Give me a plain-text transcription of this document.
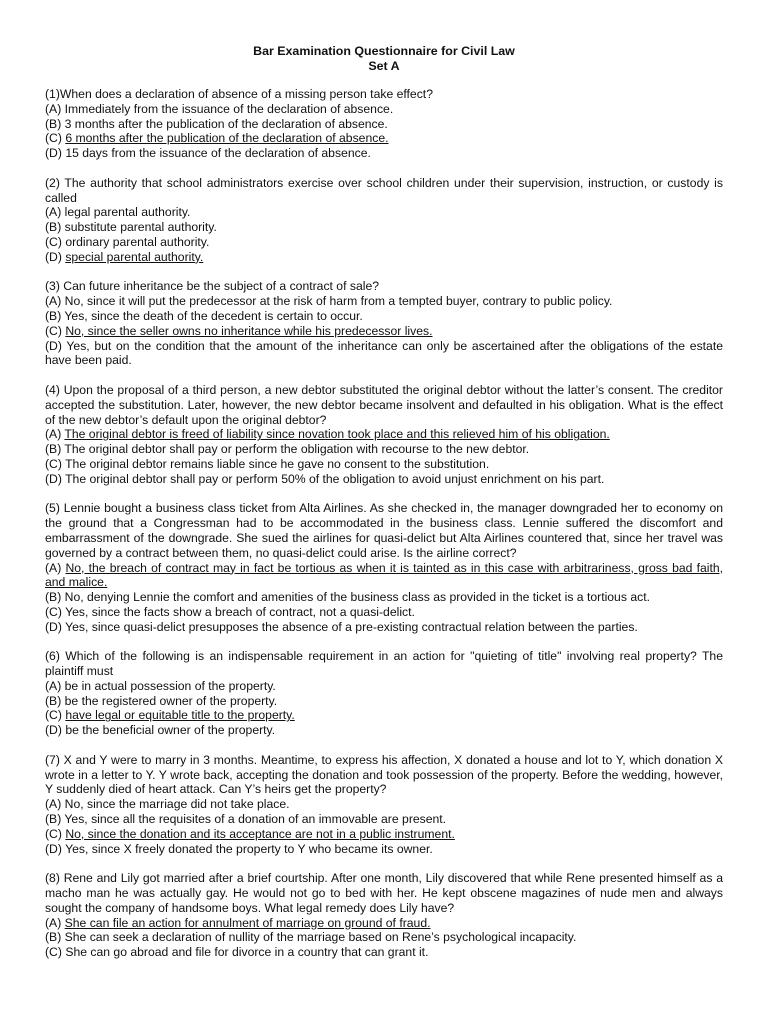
Bar Examination Questionnaire for Civil Law
Set A
(1)When does a declaration of absence of a missing person take effect?
(A) Immediately from the issuance of the declaration of absence.
(B) 3 months after the publication of the declaration of absence.
(C) 6 months after the publication of the declaration of absence.
(D) 15 days from the issuance of the declaration of absence.
(2) The authority that school administrators exercise over school children under their supervision, instruction, or custody is called
(A) legal parental authority.
(B) substitute parental authority.
(C) ordinary parental authority.
(D) special parental authority.
(3) Can future inheritance be the subject of a contract of sale?
(A) No, since it will put the predecessor at the risk of harm from a tempted buyer, contrary to public policy.
(B) Yes, since the death of the decedent is certain to occur.
(C) No, since the seller owns no inheritance while his predecessor lives.
(D) Yes, but on the condition that the amount of the inheritance can only be ascertained after the obligations of the estate have been paid.
(4) Upon the proposal of a third person, a new debtor substituted the original debtor without the latter’s consent. The creditor accepted the substitution. Later, however, the new debtor became insolvent and defaulted in his obligation. What is the effect of the new debtor’s default upon the original debtor?
(A) The original debtor is freed of liability since novation took place and this relieved him of his obligation.
(B) The original debtor shall pay or perform the obligation with recourse to the new debtor.
(C) The original debtor remains liable since he gave no consent to the substitution.
(D) The original debtor shall pay or perform 50% of the obligation to avoid unjust enrichment on his part.
(5) Lennie bought a business class ticket from Alta Airlines. As she checked in, the manager downgraded her to economy on the ground that a Congressman had to be accommodated in the business class. Lennie suffered the discomfort and embarrassment of the downgrade. She sued the airlines for quasi-delict but Alta Airlines countered that, since her travel was governed by a contract between them, no quasi-delict could arise. Is the airline correct?
(A) No, the breach of contract may in fact be tortious as when it is tainted as in this case with arbitrariness, gross bad faith, and malice.
(B) No, denying Lennie the comfort and amenities of the business class as provided in the ticket is a tortious act.
(C) Yes, since the facts show a breach of contract, not a quasi-delict.
(D) Yes, since quasi-delict presupposes the absence of a pre-existing contractual relation between the parties.
(6) Which of the following is an indispensable requirement in an action for "quieting of title" involving real property? The plaintiff must
(A) be in actual possession of the property.
(B) be the registered owner of the property.
(C) have legal or equitable title to the property.
(D) be the beneficial owner of the property.
(7) X and Y were to marry in 3 months. Meantime, to express his affection, X donated a house and lot to Y, which donation X wrote in a letter to Y. Y wrote back, accepting the donation and took possession of the property. Before the wedding, however, Y suddenly died of heart attack. Can Y’s heirs get the property?
(A) No, since the marriage did not take place.
(B) Yes, since all the requisites of a donation of an immovable are present.
(C) No, since the donation and its acceptance are not in a public instrument.
(D) Yes, since X freely donated the property to Y who became its owner.
(8) Rene and Lily got married after a brief courtship. After one month, Lily discovered that while Rene presented himself as a macho man he was actually gay. He would not go to bed with her. He kept obscene magazines of nude men and always sought the company of handsome boys. What legal remedy does Lily have?
(A) She can file an action for annulment of marriage on ground of fraud.
(B) She can seek a declaration of nullity of the marriage based on Rene’s psychological incapacity.
(C) She can go abroad and file for divorce in a country that can grant it.
